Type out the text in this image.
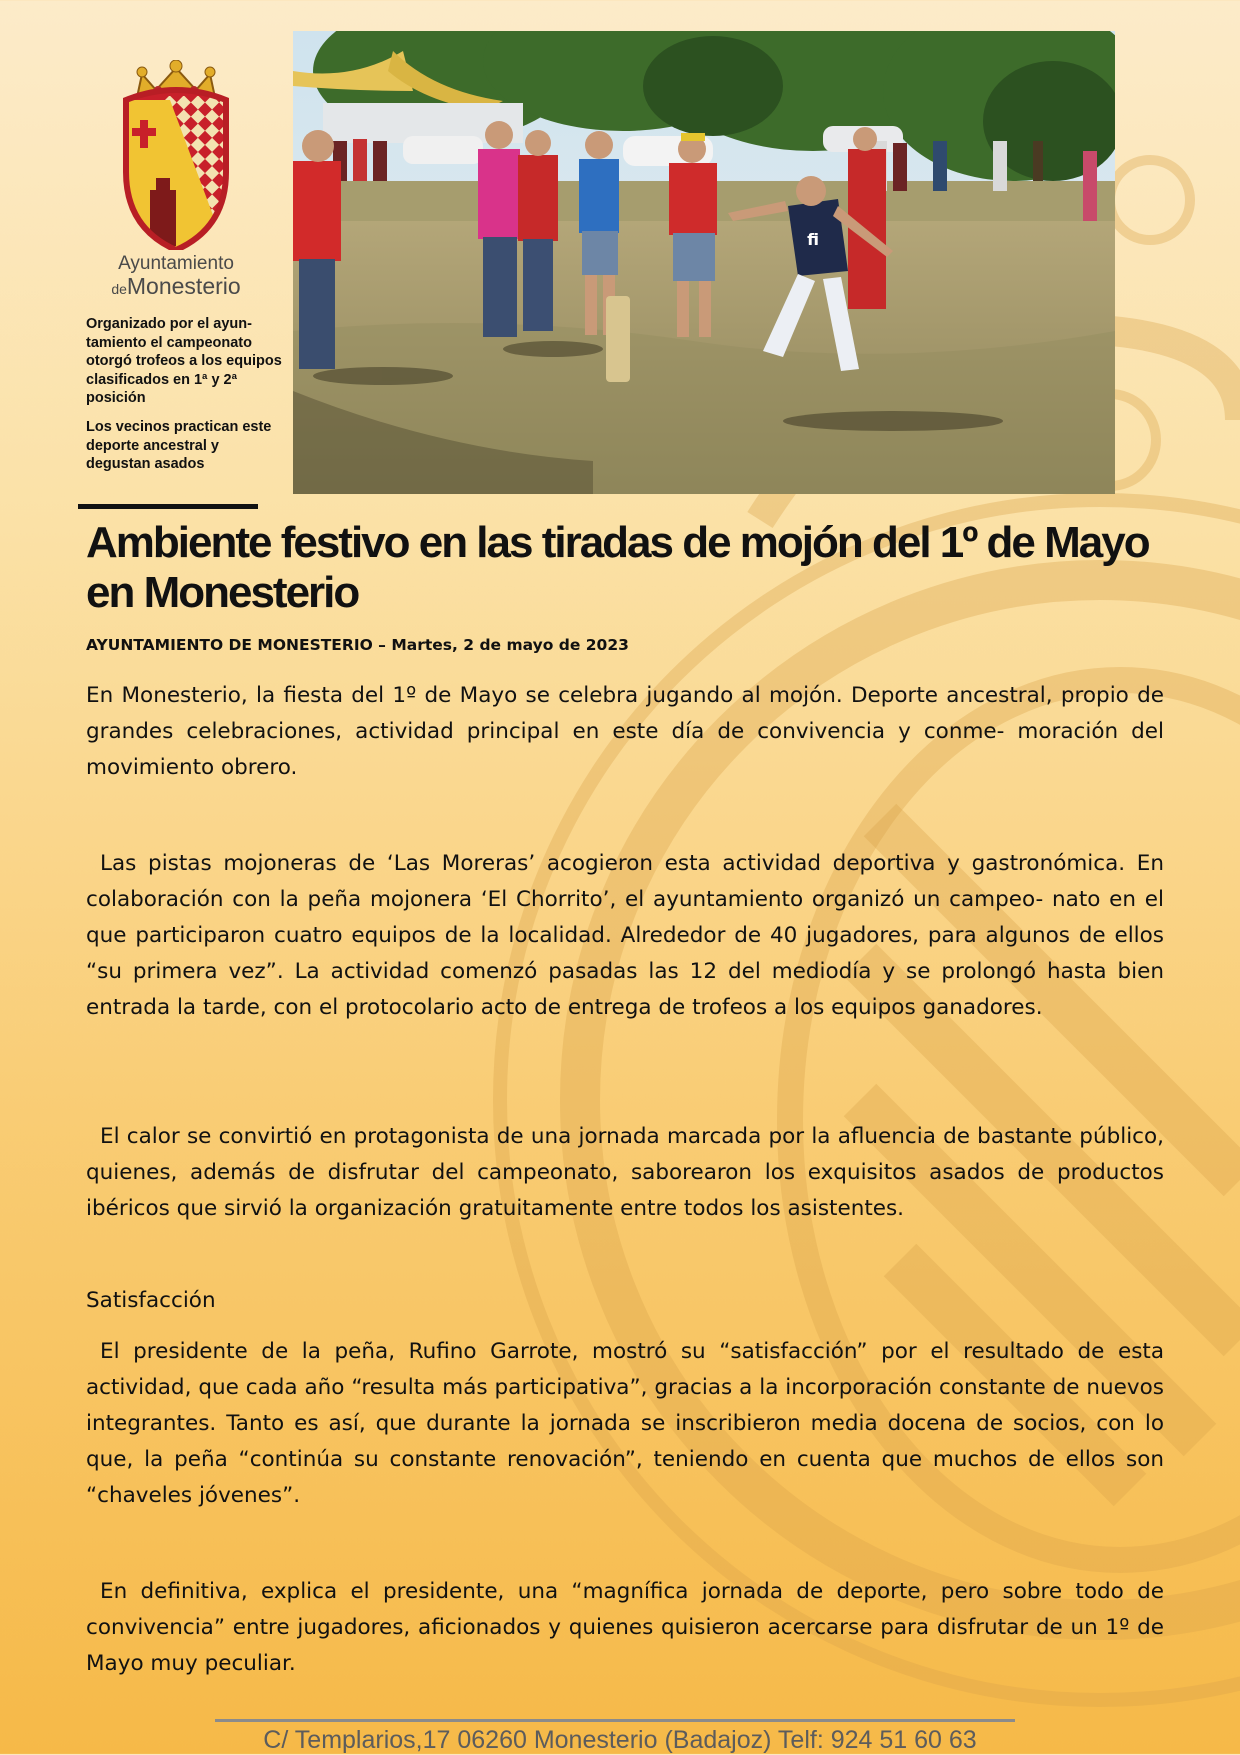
Ayuntamiento
deMonesterio

Organizado por el ayun- tamiento el campeonato otorgó trofeos a los equipos clasificados en 1ª y 2ª posición

Los vecinos practican este deporte ancestral y degustan asados

fi
Ambiente festivo en las tiradas de mojón del 1º de Mayo en Monesterio

AYUNTAMIENTO DE MONESTERIO – Martes, 2 de mayo de 2023

En Monesterio, la fiesta del 1º de Mayo se celebra jugando al mojón. Deporte ancestral, propio de grandes celebraciones, actividad principal en este día de convivencia y conme- moración del movimiento obrero.

Las pistas mojoneras de ‘Las Moreras’ acogieron esta actividad deportiva y gastronómica. En colaboración con la peña mojonera ‘El Chorrito’, el ayuntamiento organizó un campeo- nato en el que participaron cuatro equipos de la localidad. Alrededor de 40 jugadores, para algunos de ellos “su primera vez”. La actividad comenzó pasadas las 12 del mediodía y se prolongó hasta bien entrada la tarde, con el protocolario acto de entrega de trofeos a los equipos ganadores.

El calor se convirtió en protagonista de una jornada marcada por la afluencia de bastante público, quienes, además de disfrutar del campeonato, saborearon los exquisitos asados de productos ibéricos que sirvió la organización gratuitamente entre todos los asistentes.

Satisfacción

El presidente de la peña, Rufino Garrote, mostró su “satisfacción” por el resultado de esta actividad, que cada año “resulta más participativa”, gracias a la incorporación constante de nuevos integrantes. Tanto es así, que durante la jornada se inscribieron media docena de socios, con lo que, la peña “continúa su constante renovación”, teniendo en cuenta que muchos de ellos son “chaveles jóvenes”.

En definitiva, explica el presidente, una “magnífica jornada de deporte, pero sobre todo de convivencia” entre jugadores, aficionados y quienes quisieron acercarse para disfrutar de un 1º de Mayo muy peculiar.

C/ Templarios,17 06260 Monesterio (Badajoz) Telf: 924 51 60 63
